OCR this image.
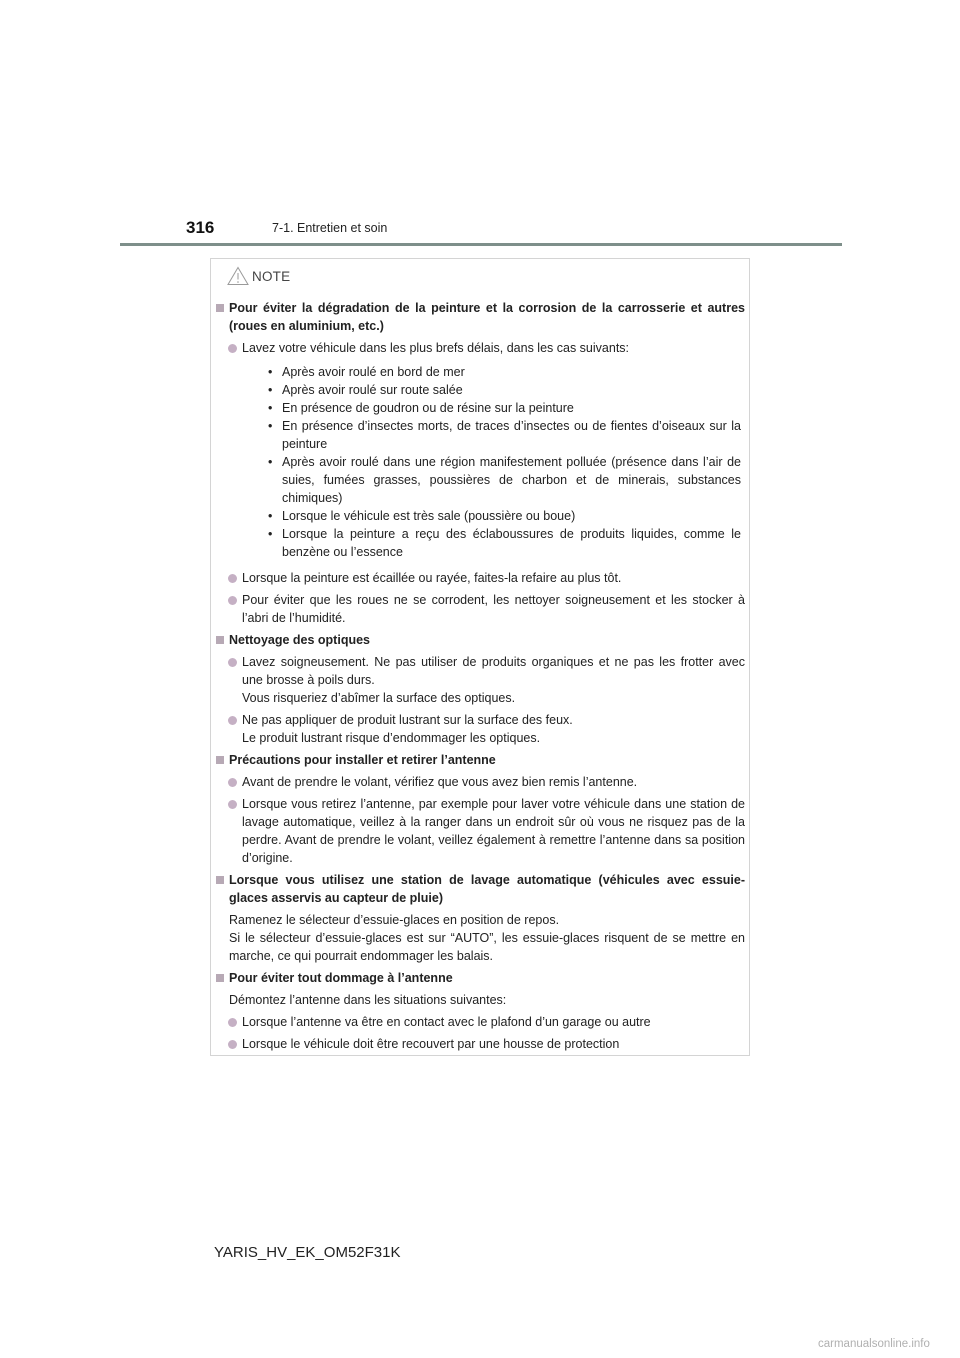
316	7-1. Entretien et soin
NOTE
Pour éviter la dégradation de la peinture et la corrosion de la carrosserie et autres (roues en aluminium, etc.)
Lavez votre véhicule dans les plus brefs délais, dans les cas suivants:
• Après avoir roulé en bord de mer
• Après avoir roulé sur route salée
• En présence de goudron ou de résine sur la peinture
• En présence d’insectes morts, de traces d’insectes ou de fientes d’oiseaux sur la peinture
• Après avoir roulé dans une région manifestement polluée (présence dans l’air de suies, fumées grasses, poussières de charbon et de minerais, substances chimiques)
• Lorsque le véhicule est très sale (poussière ou boue)
• Lorsque la peinture a reçu des éclaboussures de produits liquides, comme le benzène ou l’essence
Lorsque la peinture est écaillée ou rayée, faites-la refaire au plus tôt.
Pour éviter que les roues ne se corrodent, les nettoyer soigneusement et les stocker à l’abri de l’humidité.
Nettoyage des optiques
Lavez soigneusement. Ne pas utiliser de produits organiques et ne pas les frotter avec une brosse à poils durs.
Vous risqueriez d’abîmer la surface des optiques.
Ne pas appliquer de produit lustrant sur la surface des feux.
Le produit lustrant risque d’endommager les optiques.
Précautions pour installer et retirer l’antenne
Avant de prendre le volant, vérifiez que vous avez bien remis l’antenne.
Lorsque vous retirez l’antenne, par exemple pour laver votre véhicule dans une station de lavage automatique, veillez à la ranger dans un endroit sûr où vous ne risquez pas de la perdre. Avant de prendre le volant, veillez également à remettre l’antenne dans sa position d’origine.
Lorsque vous utilisez une station de lavage automatique (véhicules avec essuie-glaces asservis au capteur de pluie)
Ramenez le sélecteur d’essuie-glaces en position de repos.
Si le sélecteur d’essuie-glaces est sur “AUTO”, les essuie-glaces risquent de se mettre en marche, ce qui pourrait endommager les balais.
Pour éviter tout dommage à l’antenne
Démontez l’antenne dans les situations suivantes:
Lorsque l’antenne va être en contact avec le plafond d’un garage ou autre
Lorsque le véhicule doit être recouvert par une housse de protection
YARIS_HV_EK_OM52F31K
carmanualsonline.info
